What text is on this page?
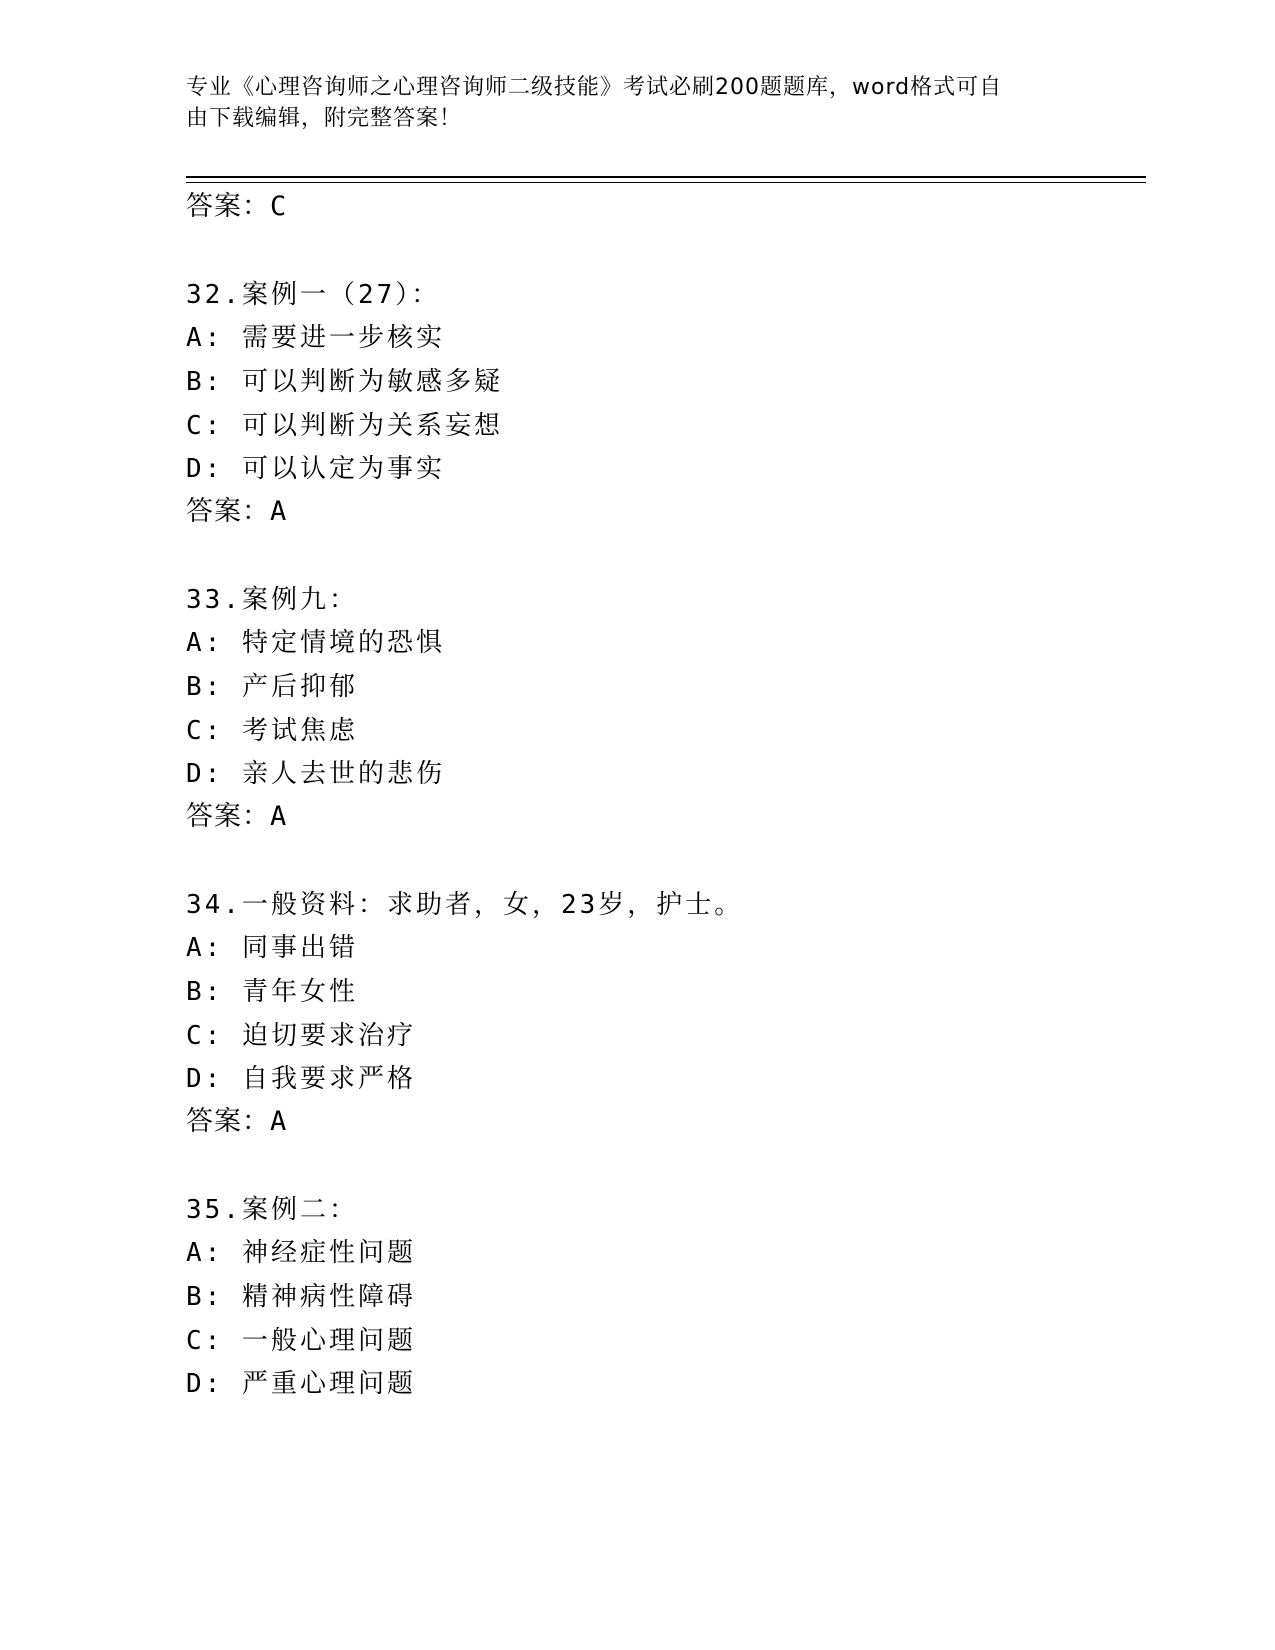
专业《心理咨询师之心理咨询师二级技能》考试必刷200题题库，word格式可自
由下载编辑，附完整答案！
答案：C
32.案例一（27）：
A: 需要进一步核实
B: 可以判断为敏感多疑
C: 可以判断为关系妄想
D: 可以认定为事实
答案：A
33.案例九：
A: 特定情境的恐惧
B: 产后抑郁
C: 考试焦虑
D: 亲人去世的悲伤
答案：A
34.一般资料：求助者，女，23岁，护士。
A: 同事出错
B: 青年女性
C: 迫切要求治疗
D: 自我要求严格
答案：A
35.案例二：
A: 神经症性问题
B: 精神病性障碍
C: 一般心理问题
D: 严重心理问题
